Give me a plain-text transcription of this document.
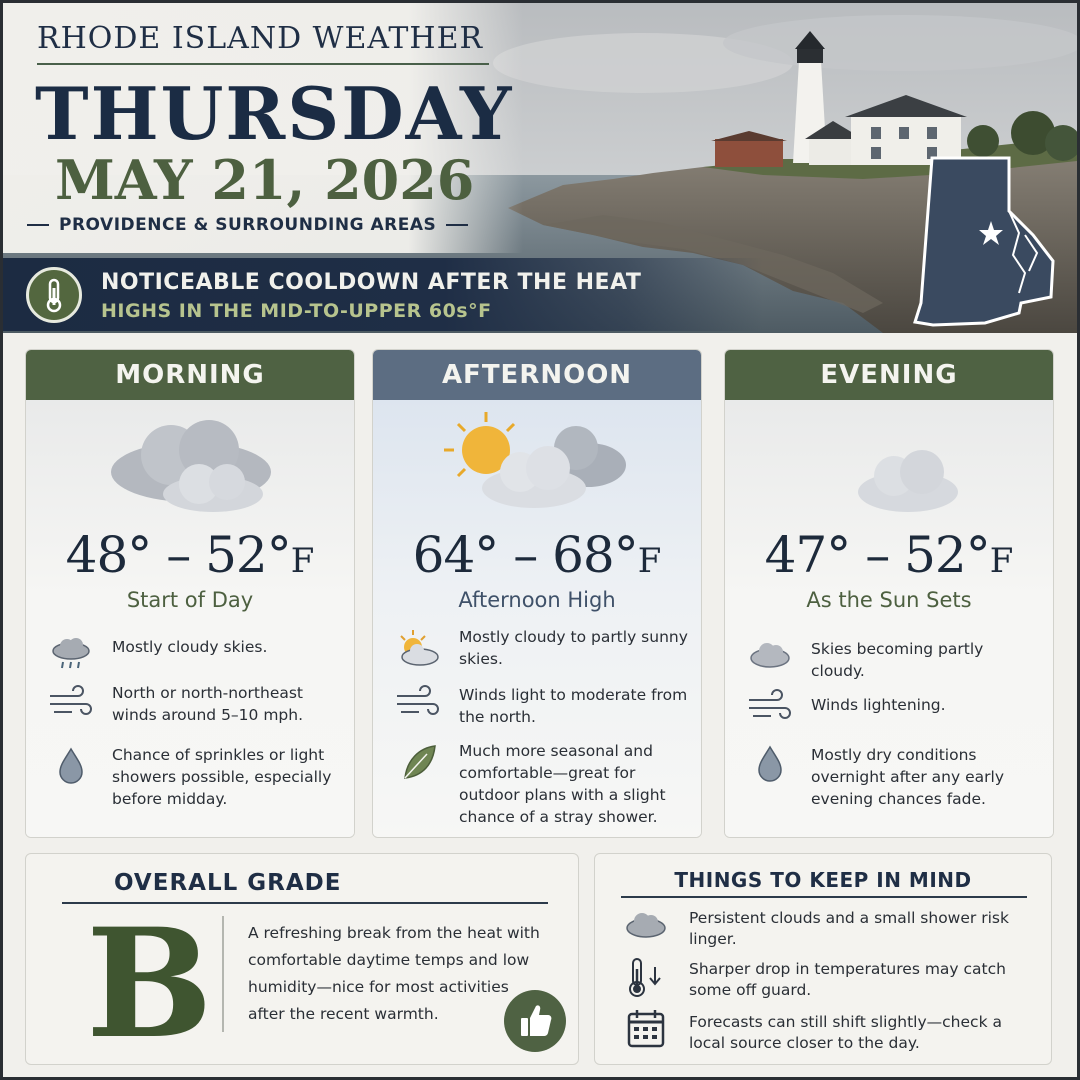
RHODE ISLAND WEATHER
THURSDAY
MAY 21, 2026
PROVIDENCE & SURROUNDING AREAS
NOTICEABLE COOLDOWN AFTER THE HEAT
HIGHS IN THE MID-TO-UPPER 60s°F
MORNING
48° – 52°F
Start of Day
Mostly cloudy skies.
North or north-northeast winds around 5–10 mph.
Chance of sprinkles or light showers possible, especially before midday.
AFTERNOON
64° – 68°F
Afternoon High
Mostly cloudy to partly sunny skies.
Winds light to moderate from the north.
Much more seasonal and comfortable—great for outdoor plans with a slight chance of a stray shower.
EVENING
47° – 52°F
As the Sun Sets
Skies becoming partly cloudy.
Winds lightening.
Mostly dry conditions overnight after any early evening chances fade.
OVERALL GRADE
B A refreshing break from the heat with comfortable daytime temps and low humidity—nice for most activities after the recent warmth.
THINGS TO KEEP IN MIND
Persistent clouds and a small shower risk linger.
Sharper drop in temperatures may catch some off guard.
Forecasts can still shift slightly—check a local source closer to the day.
